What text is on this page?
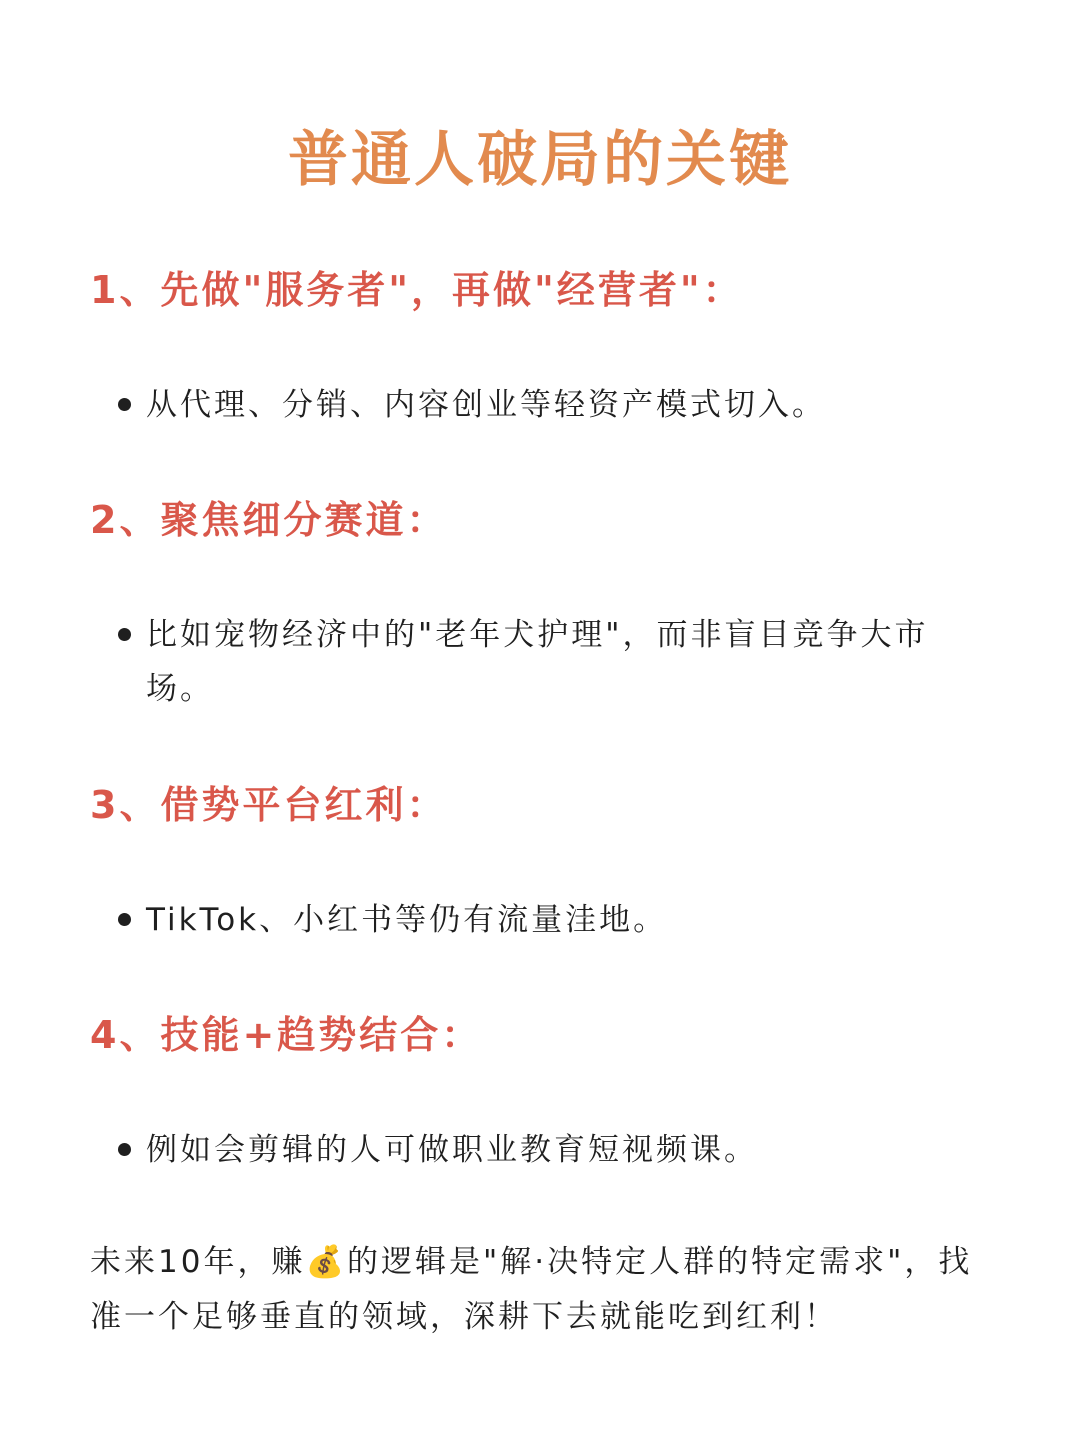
普通人破局的关键
1、先做"服务者"，再做"经营者"：
从代理、分销、内容创业等轻资产模式切入。
2、聚焦细分赛道：
比如宠物经济中的"老年犬护理"，而非盲目竞争大市场。
3、借势平台红利：
TikTok、小红书等仍有流量洼地。
4、技能+趋势结合：
例如会剪辑的人可做职业教育短视频课。
未来10年，赚💰的逻辑是"解·决特定人群的特定需求"，找准一个足够垂直的领域，深耕下去就能吃到红利！
